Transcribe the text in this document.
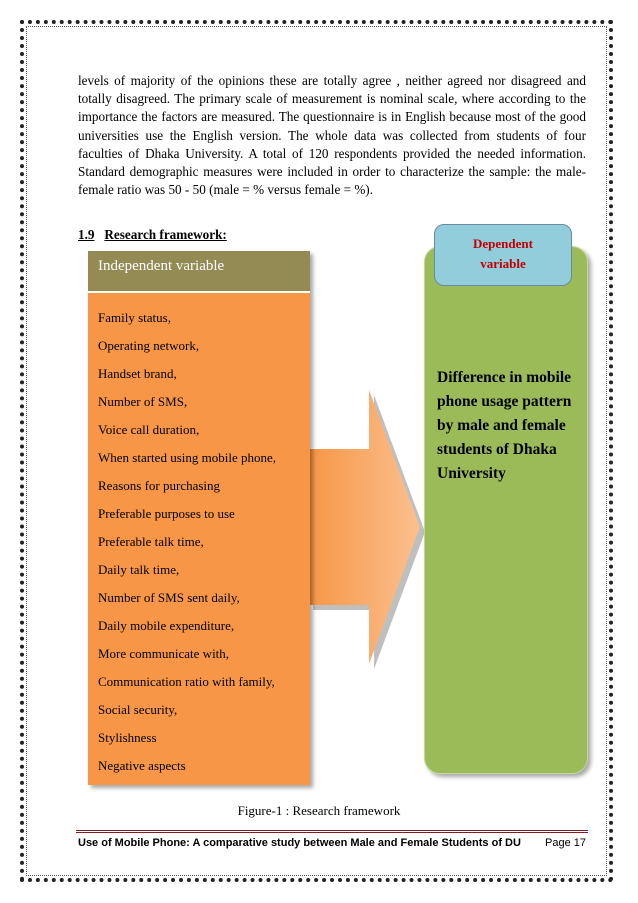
levels of majority of the opinions these are totally agree , neither agreed nor disagreed and totally disagreed. The primary scale of measurement is nominal scale, where according to the importance the factors are measured. The questionnaire is in English because most of the good universities use the English version. The whole data was collected from students of four faculties of Dhaka University. A total of 120 respondents provided the needed information. Standard demographic measures were included in order to characterize the sample: the male-female ratio was 50 - 50 (male = % versus female = %).

1.9 Research framework:

Independent variable
Family status,
Operating network,
Handset brand,
Number of SMS,
Voice call duration,
When started using mobile phone,
Reasons for purchasing
Preferable purposes to use
Preferable talk time,
Daily talk time,
Number of SMS sent daily,
Daily mobile expenditure,
More communicate with,
Communication ratio with family,
Social security,
Stylishness
Negative aspects
Dependent
variable

Difference in mobile phone usage pattern by male and female students of Dhaka University

Figure-1 : Research framework

Use of Mobile Phone: A comparative study between Male and Female Students of DU Page 17
